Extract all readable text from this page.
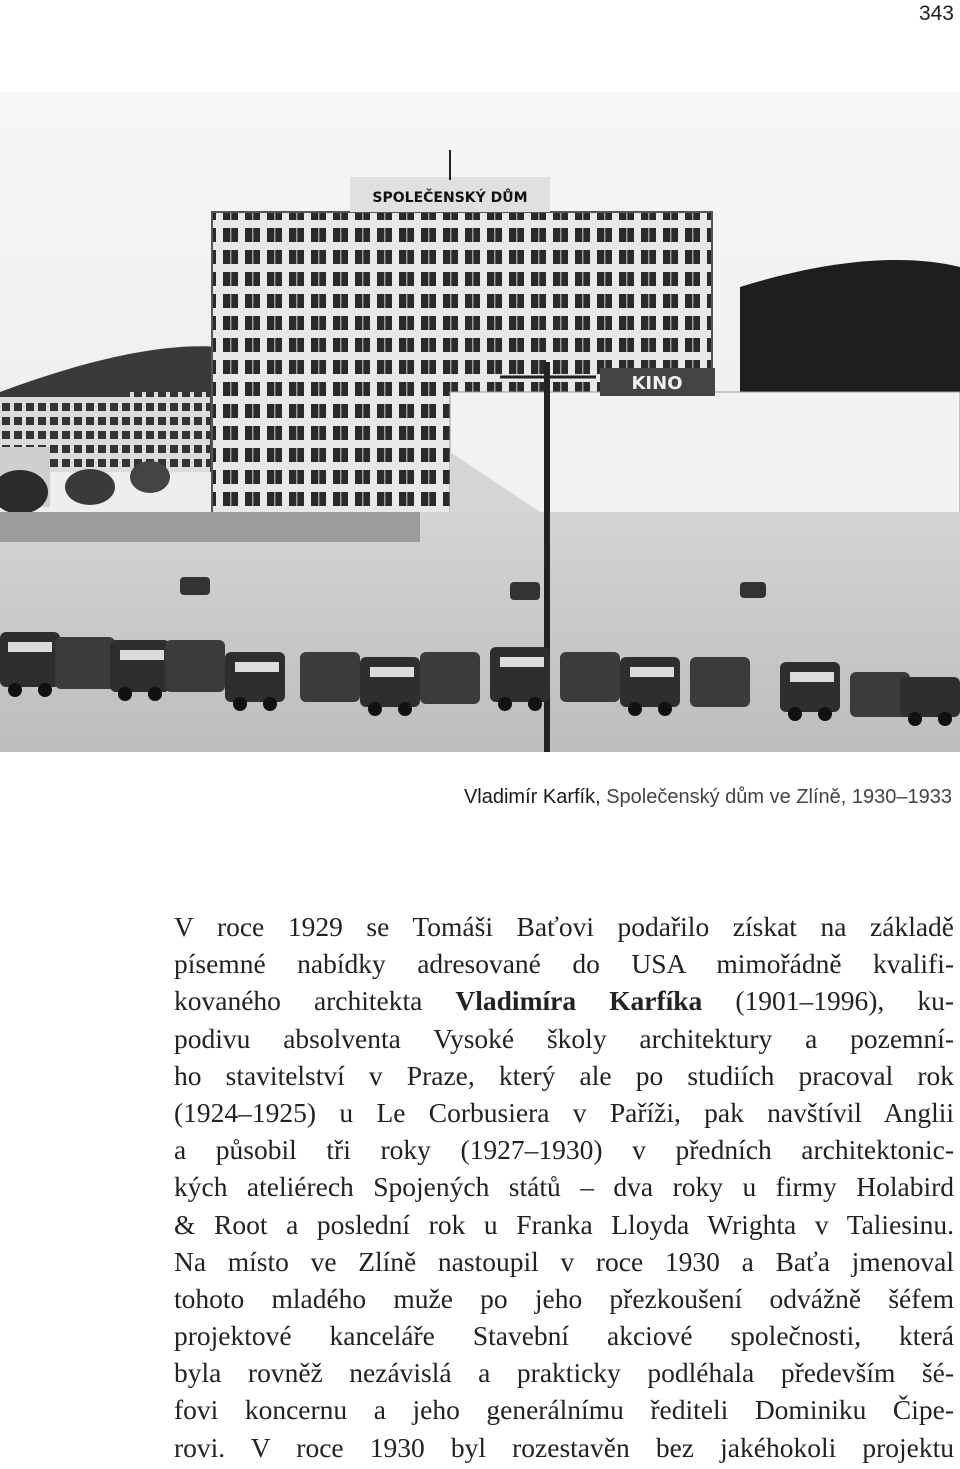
343
SPOLEČENSKÝ DŮM
KINO
Vladimír Karfík, Společenský dům ve Zlíně, 1930–1933
V roce 1929 se Tomáši Baťovi podařilo získat na základě
písemné nabídky adresované do USA mimořádně kvalifi-
kovaného architekta Vladimíra Karfíka (1901–1996), ku-
podivu absolventa Vysoké školy architektury a pozemní-
ho stavitelství v Praze, který ale po studiích pracoval rok
(1924–1925) u Le Corbusiera v Paříži, pak navštívil Anglii
a působil tři roky (1927–1930) v předních architektonic-
kých ateliérech Spojených států – dva roky u firmy Holabird
& Root a poslední rok u Franka Lloyda Wrighta v Taliesinu.
Na místo ve Zlíně nastoupil v roce 1930 a Baťa jmenoval
tohoto mladého muže po jeho přezkoušení odvážně šéfem
projektové kanceláře Stavební akciové společnosti, která
byla rovněž nezávislá a prakticky podléhala především šé-
fovi koncernu a jeho generálnímu řediteli Dominiku Čipe-
rovi. V roce 1930 byl rozestavěn bez jakéhokoli projektu
